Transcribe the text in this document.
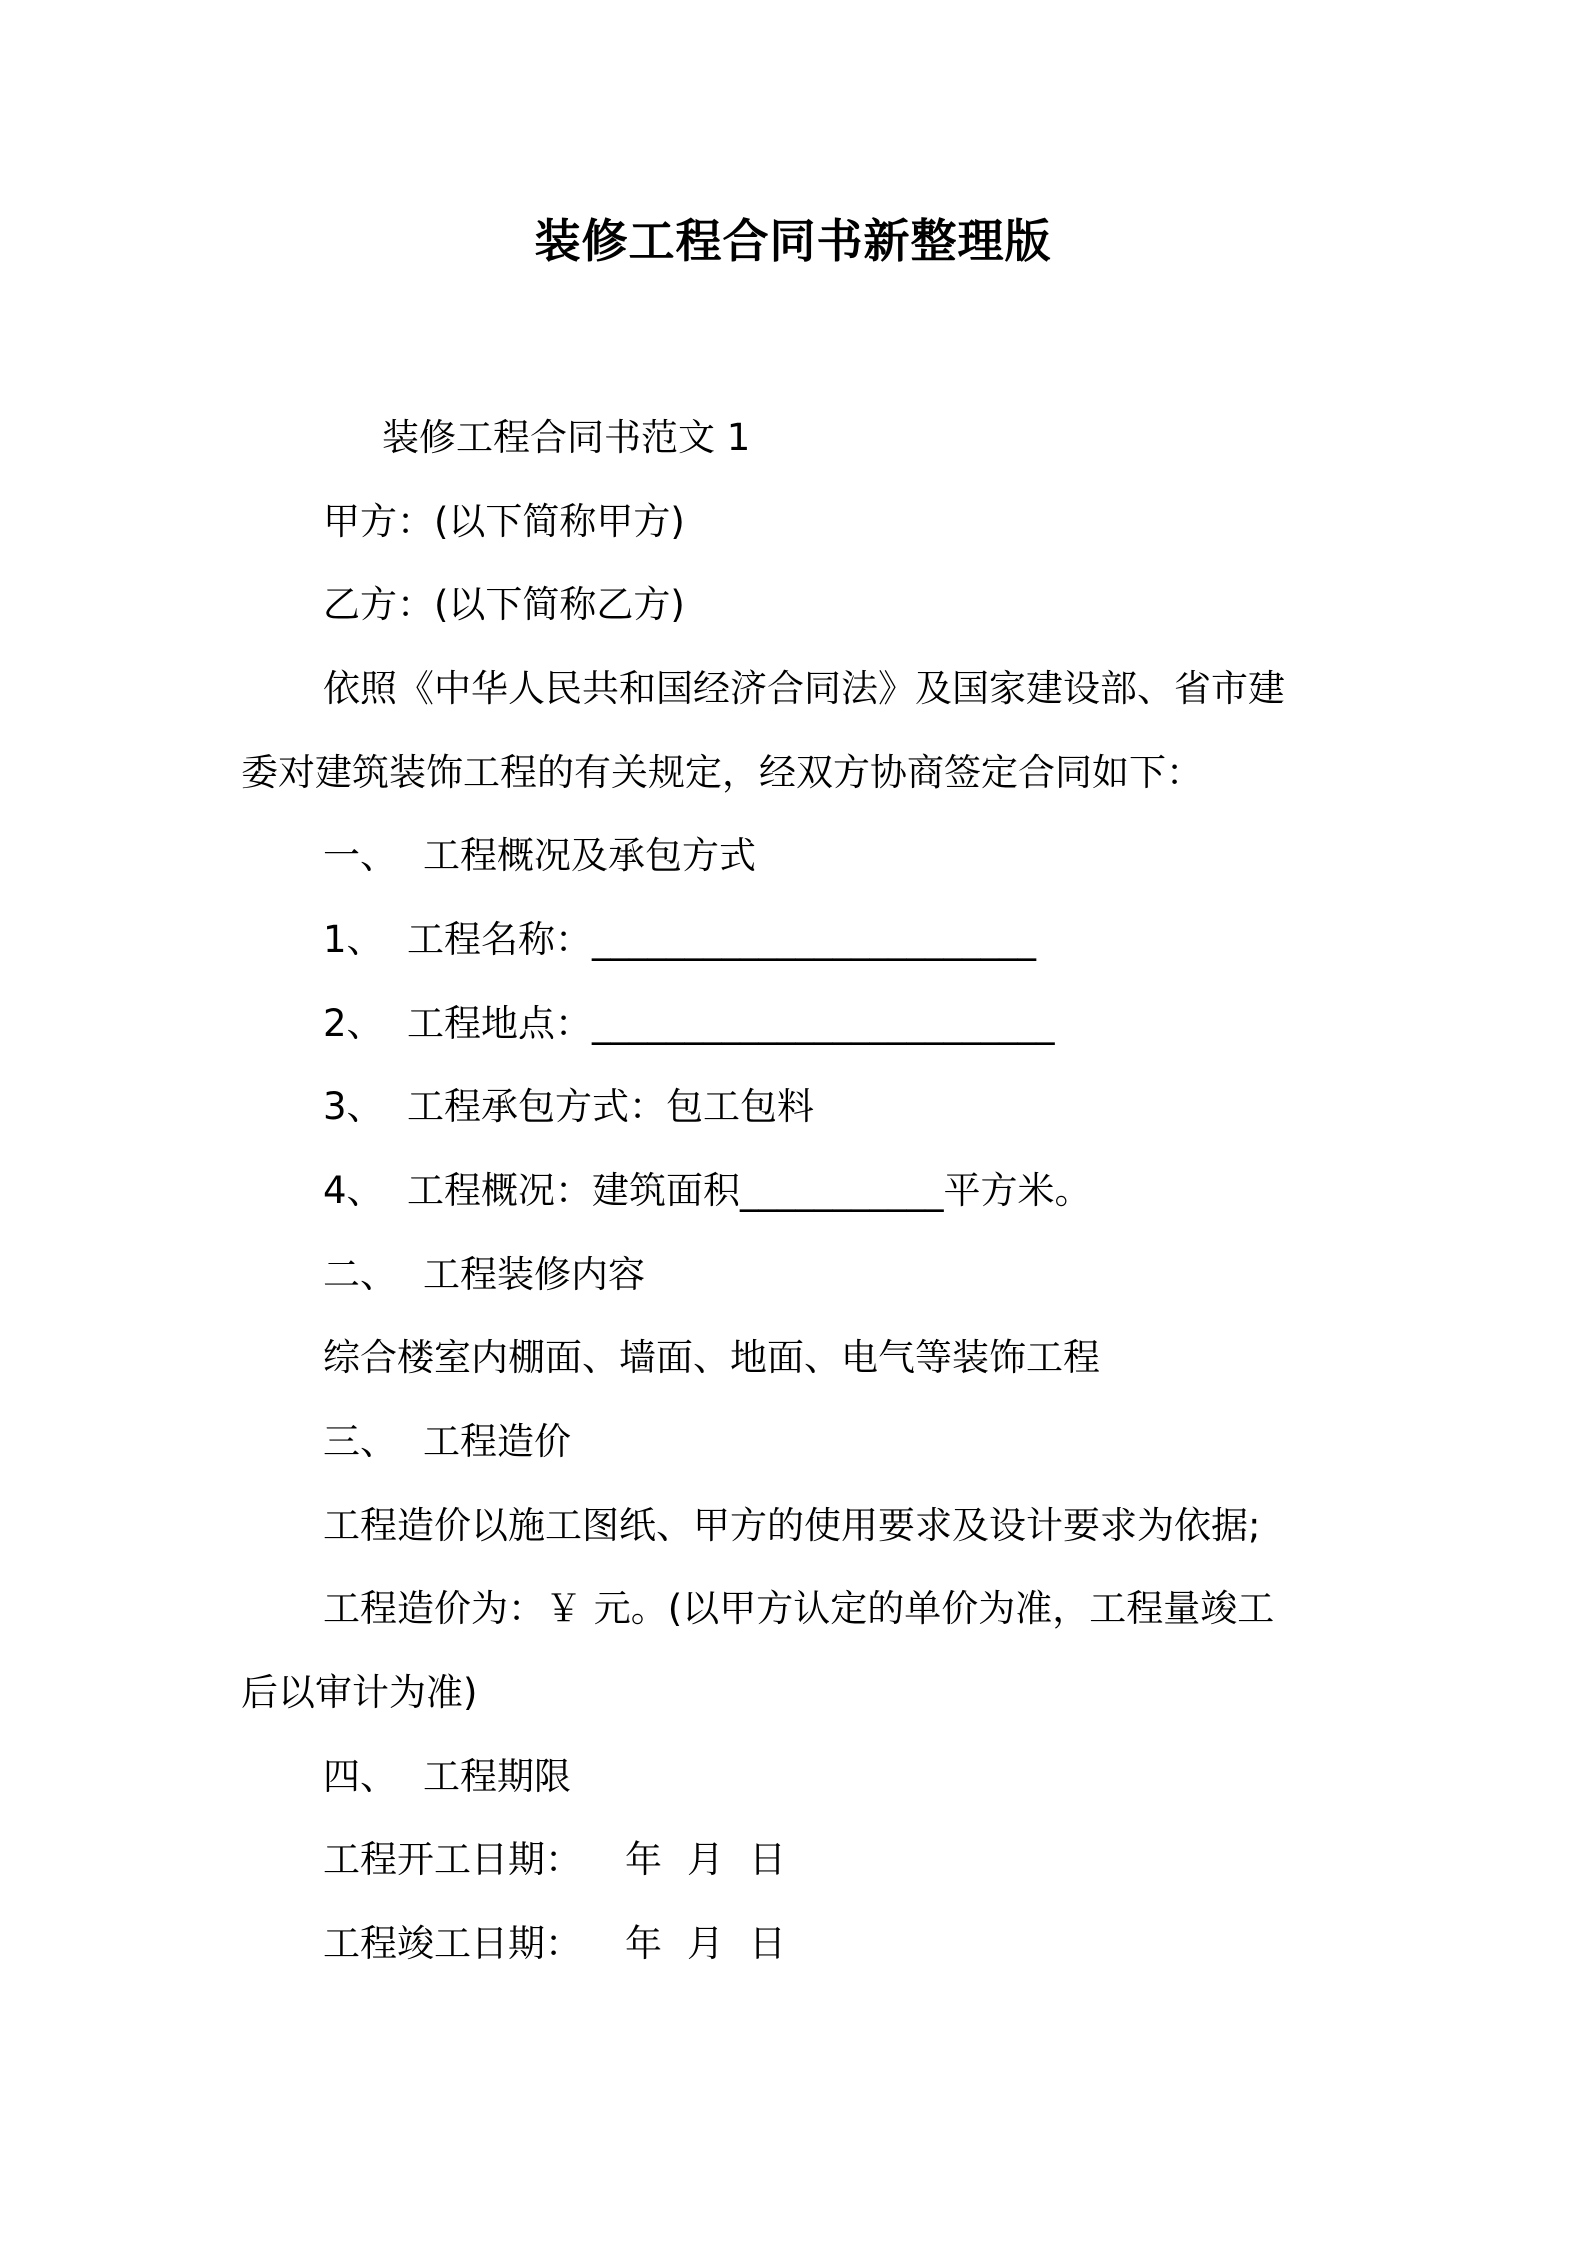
装修工程合同书新整理版
装修工程合同书范文 1
甲方：(以下简称甲方)
乙方：(以下简称乙方)
依照《中华人民共和国经济合同法》及国家建设部、省市建
委对建筑装饰工程的有关规定，经双方协商签定合同如下：
一、 工程概况及承包方式
1、 工程名称：________________________
2、 工程地点：_________________________
3、 工程承包方式：包工包料
4、 工程概况：建筑面积___________平方米。
二、 工程装修内容
综合楼室内棚面、墙面、地面、电气等装饰工程
三、 工程造价
工程造价以施工图纸、甲方的使用要求及设计要求为依据;
工程造价为：￥ 元。(以甲方认定的单价为准，工程量竣工
后以审计为准)
四、 工程期限
工程开工日期： 年 月 日
工程竣工日期： 年 月 日
